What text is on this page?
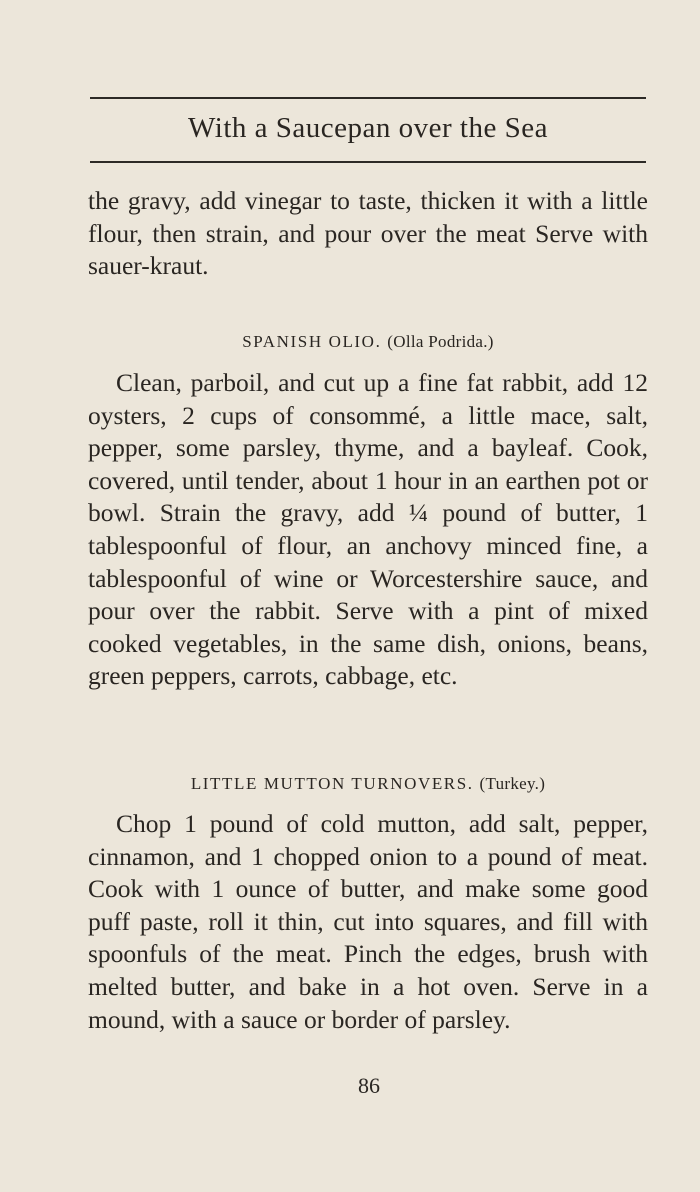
With a Saucepan over the Sea

the gravy, add vinegar to taste, thicken it with a little flour, then strain, and pour over the meat Serve with sauer-kraut.

SPANISH OLIO. (Olla Podrida.)

Clean, parboil, and cut up a fine fat rabbit, add 12 oysters, 2 cups of consommé, a little mace, salt, pepper, some parsley, thyme, and a bayleaf. Cook, covered, until tender, about 1 hour in an earthen pot or bowl. Strain the gravy, add ¼ pound of butter, 1 tablespoonful of flour, an anchovy minced fine, a tablespoonful of wine or Worcestershire sauce, and pour over the rabbit. Serve with a pint of mixed cooked vegetables, in the same dish, onions, beans, green peppers, carrots, cabbage, etc.

LITTLE MUTTON TURNOVERS. (Turkey.)

Chop 1 pound of cold mutton, add salt, pepper, cinnamon, and 1 chopped onion to a pound of meat. Cook with 1 ounce of butter, and make some good puff paste, roll it thin, cut into squares, and fill with spoonfuls of the meat. Pinch the edges, brush with melted butter, and bake in a hot oven. Serve in a mound, with a sauce or border of parsley.

86
